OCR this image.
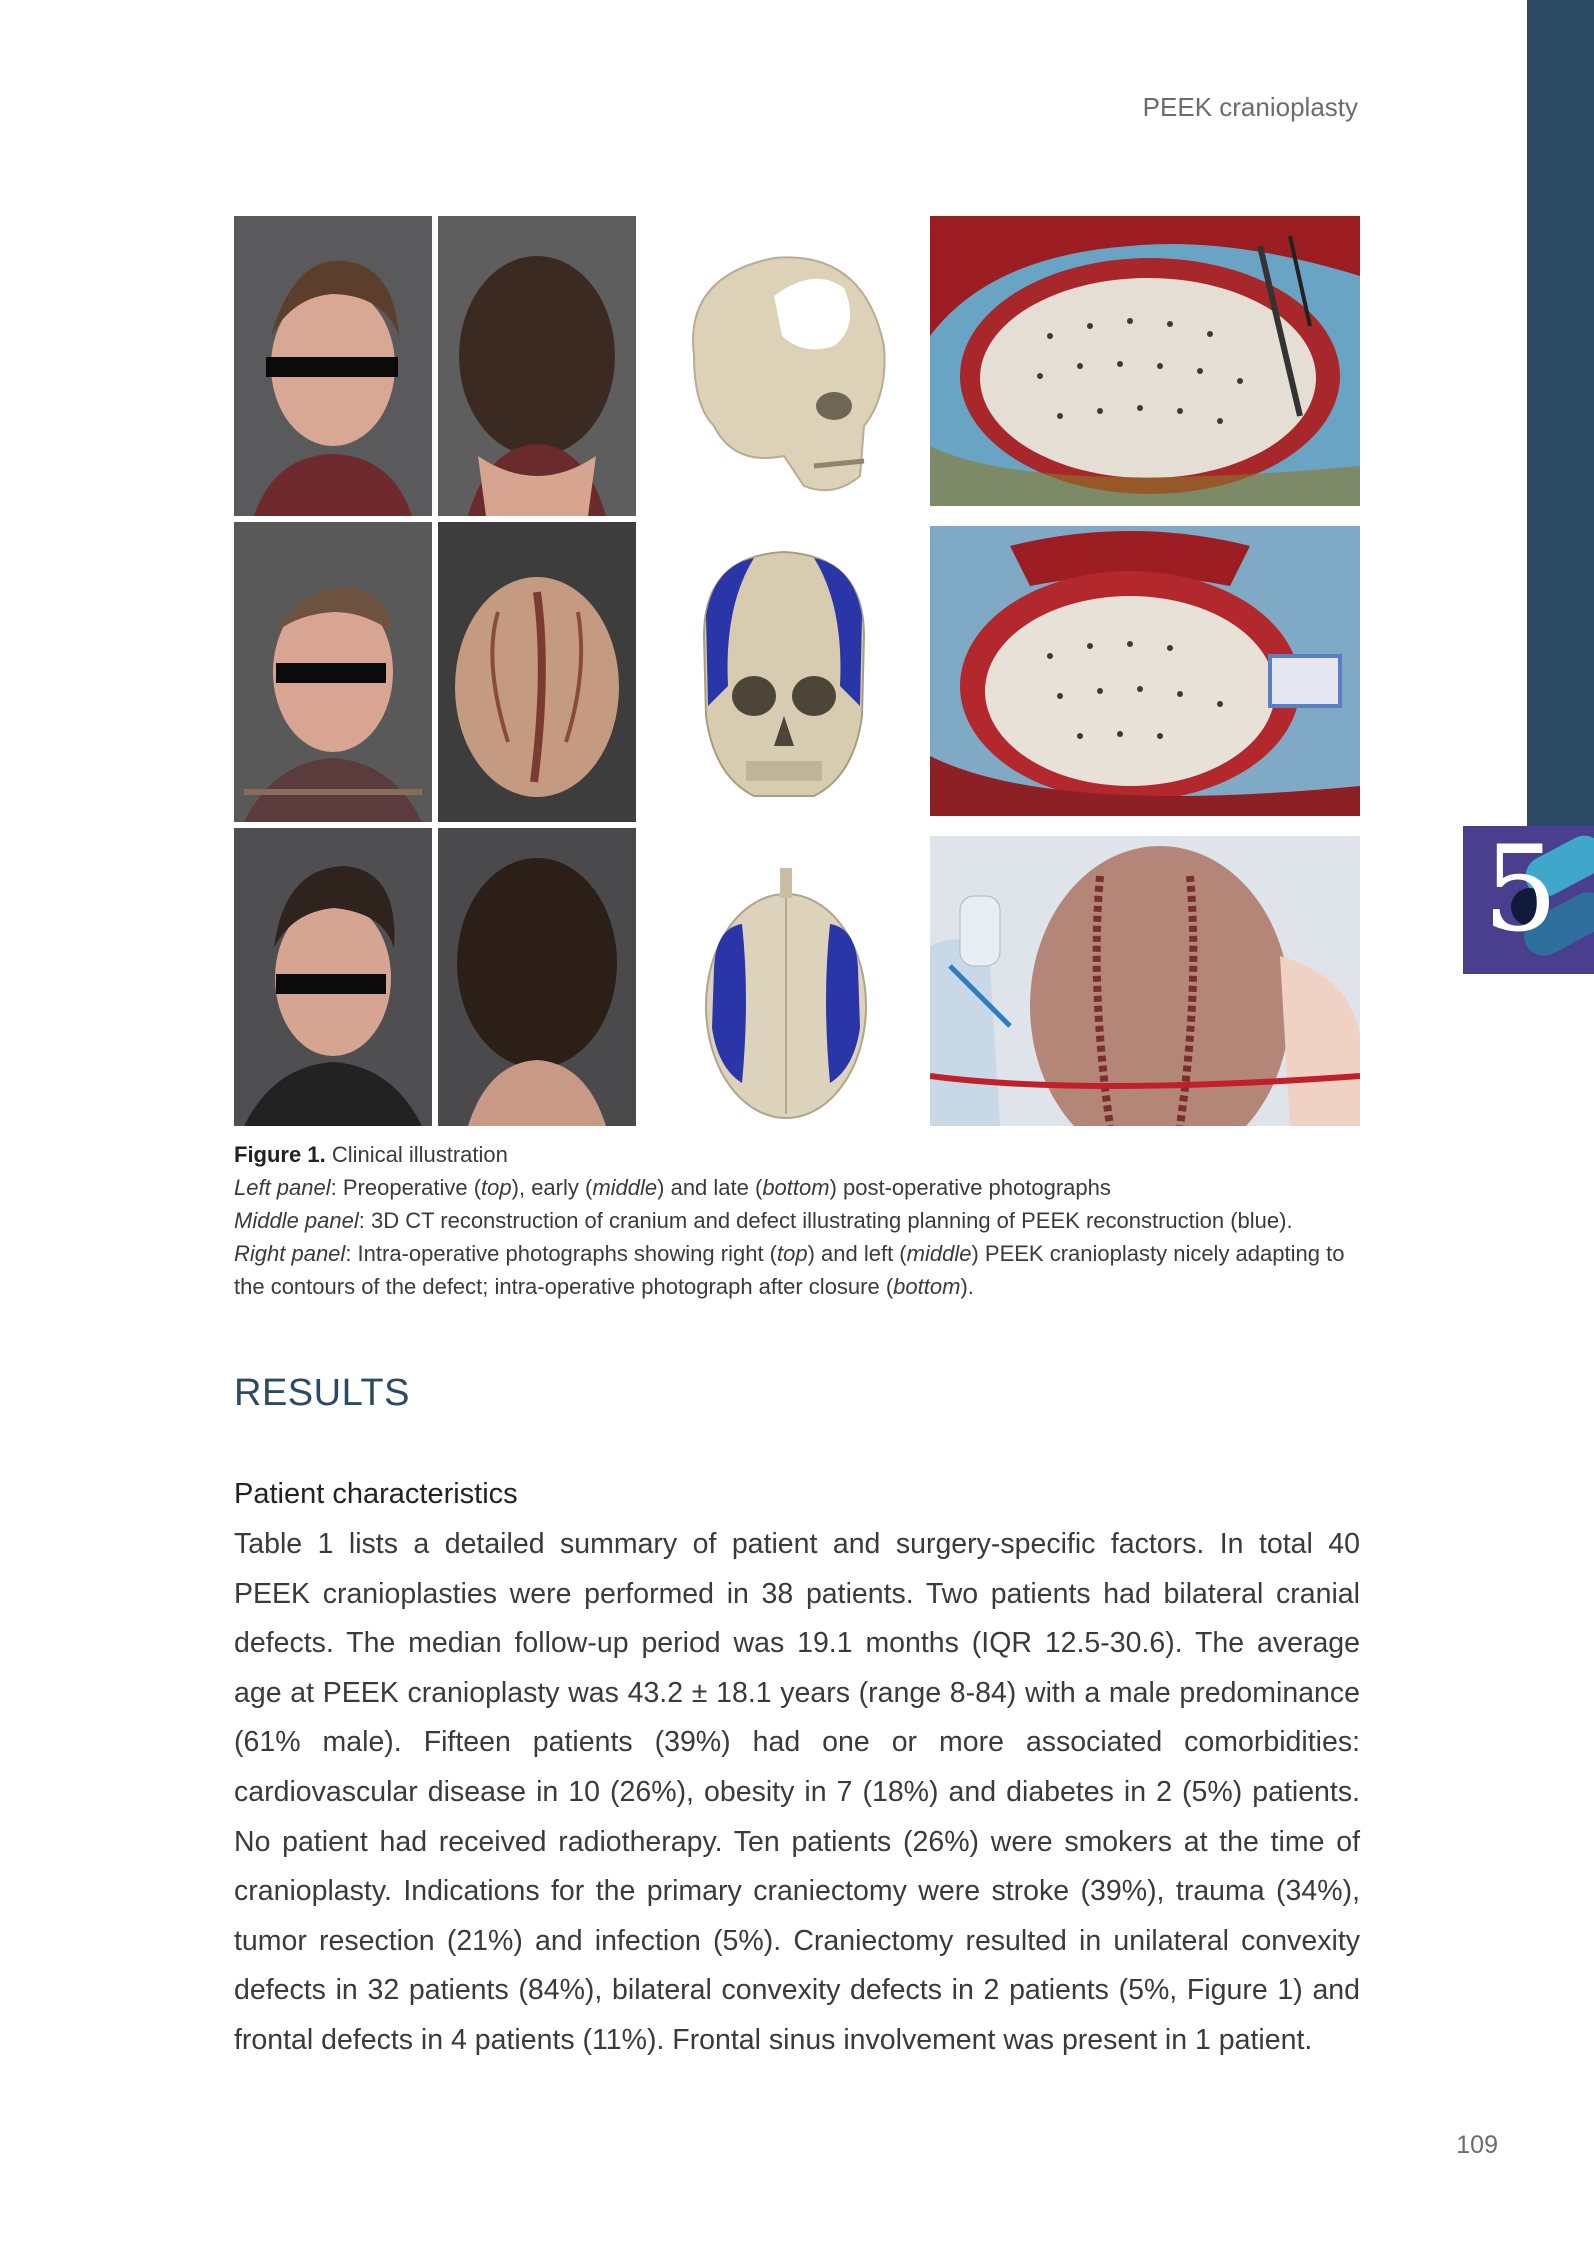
5
PEEK cranioplasty

Figure 1. Clinical illustration

Left panel: Preoperative (top), early (middle) and late (bottom) post-operative photographs

Middle panel: 3D CT reconstruction of cranium and defect illustrating planning of PEEK reconstruction (blue).

Right panel: Intra-operative photographs showing right (top) and left (middle) PEEK cranioplasty nicely adapting to

the contours of the defect; intra-operative photograph after closure (bottom).

RESULTS
Patient characteristics
Table 1 lists a detailed summary of patient and surgery-specific factors. In total 40
PEEK cranioplasties were performed in 38 patients. Two patients had bilateral cranial
defects. The median follow-up period was 19.1 months (IQR 12.5-30.6). The average
age at PEEK cranioplasty was 43.2 ± 18.1 years (range 8-84) with a male predominance
(61% male). Fifteen patients (39%) had one or more associated comorbidities:
cardiovascular disease in 10 (26%), obesity in 7 (18%) and diabetes in 2 (5%) patients.
No patient had received radiotherapy. Ten patients (26%) were smokers at the time of
cranioplasty. Indications for the primary craniectomy were stroke (39%), trauma (34%),
tumor resection (21%) and infection (5%). Craniectomy resulted in unilateral convexity
defects in 32 patients (84%), bilateral convexity defects in 2 patients (5%, Figure 1) and
frontal defects in 4 patients (11%). Frontal sinus involvement was present in 1 patient.
109
